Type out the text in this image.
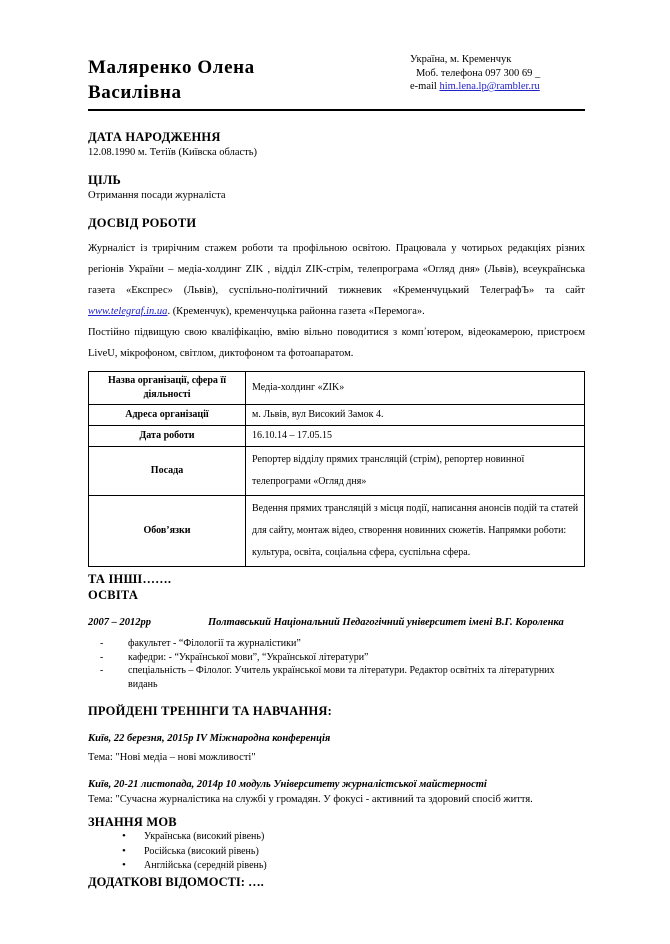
Маляренко Олена
Василівна
Україна, м. Кременчук
Моб. телефона 097 300 69 _
e-mail him.lena.lp@rambler.ru
ДАТА НАРОДЖЕННЯ

12.08.1990 м. Тетіїв (Київска область)

ЦІЛЬ

Отримання посади журналіста

ДОСВІД РОБОТИ

Журналіст із трирічним стажем роботи та профільною освітою. Працювала у чотирьох редакціях різних регіонів України – медіа-холдинг ZIK , відділ ZIK-стрім, телепрограма «Огляд дня» (Львів), всеукраїнська газета «Експрес» (Львів), суспільно-політичний тижневик «Кременчуцький ТелеграфЪ» та сайт www.telegraf.in.ua. (Кременчук), кременчуцька районна газета «Перемога».

Постійно підвищую свою кваліфікацію, вмію вільно поводитися з комп᾽ютером, відеокамерою, пристроєм LiveU, мікрофоном, світлом, диктофоном та фотоапаратом.

Назва організації, сфера її діяльності	Медіа-холдинг «ZIK»
Адреса організації	м. Львів, вул Високий Замок 4.
Дата роботи	16.10.14 – 17.05.15
Посада	Репортер відділу прямих трансляцій (стрім), репортер новинної телепрограми «Огляд дня»
Обов’язки	Ведення прямих трансляцій з місця події, написання анонсів подій та статей для сайту, монтаж відео, створення новинних сюжетів. Напрямки роботи: культура, освіта, соціальна сфера, суспільна сфера.
ТА ІНШІ…….
ОСВІТА
2007 – 2012рр	Полтавський Національний Педагогічний університет імені В.Г. Короленка
- факультет - “Філології та журналістики”
- кафедри: - “Української мови”, “Української літератури”
- спеціальність – Філолог. Учитель української мови та літератури. Редактор освітніх та літературних видань
ПРОЙДЕНІ ТРЕНІНГИ ТА НАВЧАННЯ:

Київ, 22 березня, 2015р IV Міжнародна конференція

Тема: "Нові медіа – нові можливості"

Київ, 20-21 листопада, 2014р 10 модуль Університету журналістської майстерності

Тема: "Сучасна журналістика на службі у громадян. У фокусі - активний та здоровий спосіб життя.

ЗНАННЯ МОВ
• Українська (високий рівень)
• Російська (високий рівень)
• Англійська (середній рівень)

ДОДАТКОВІ ВІДОМОСТІ: ….
